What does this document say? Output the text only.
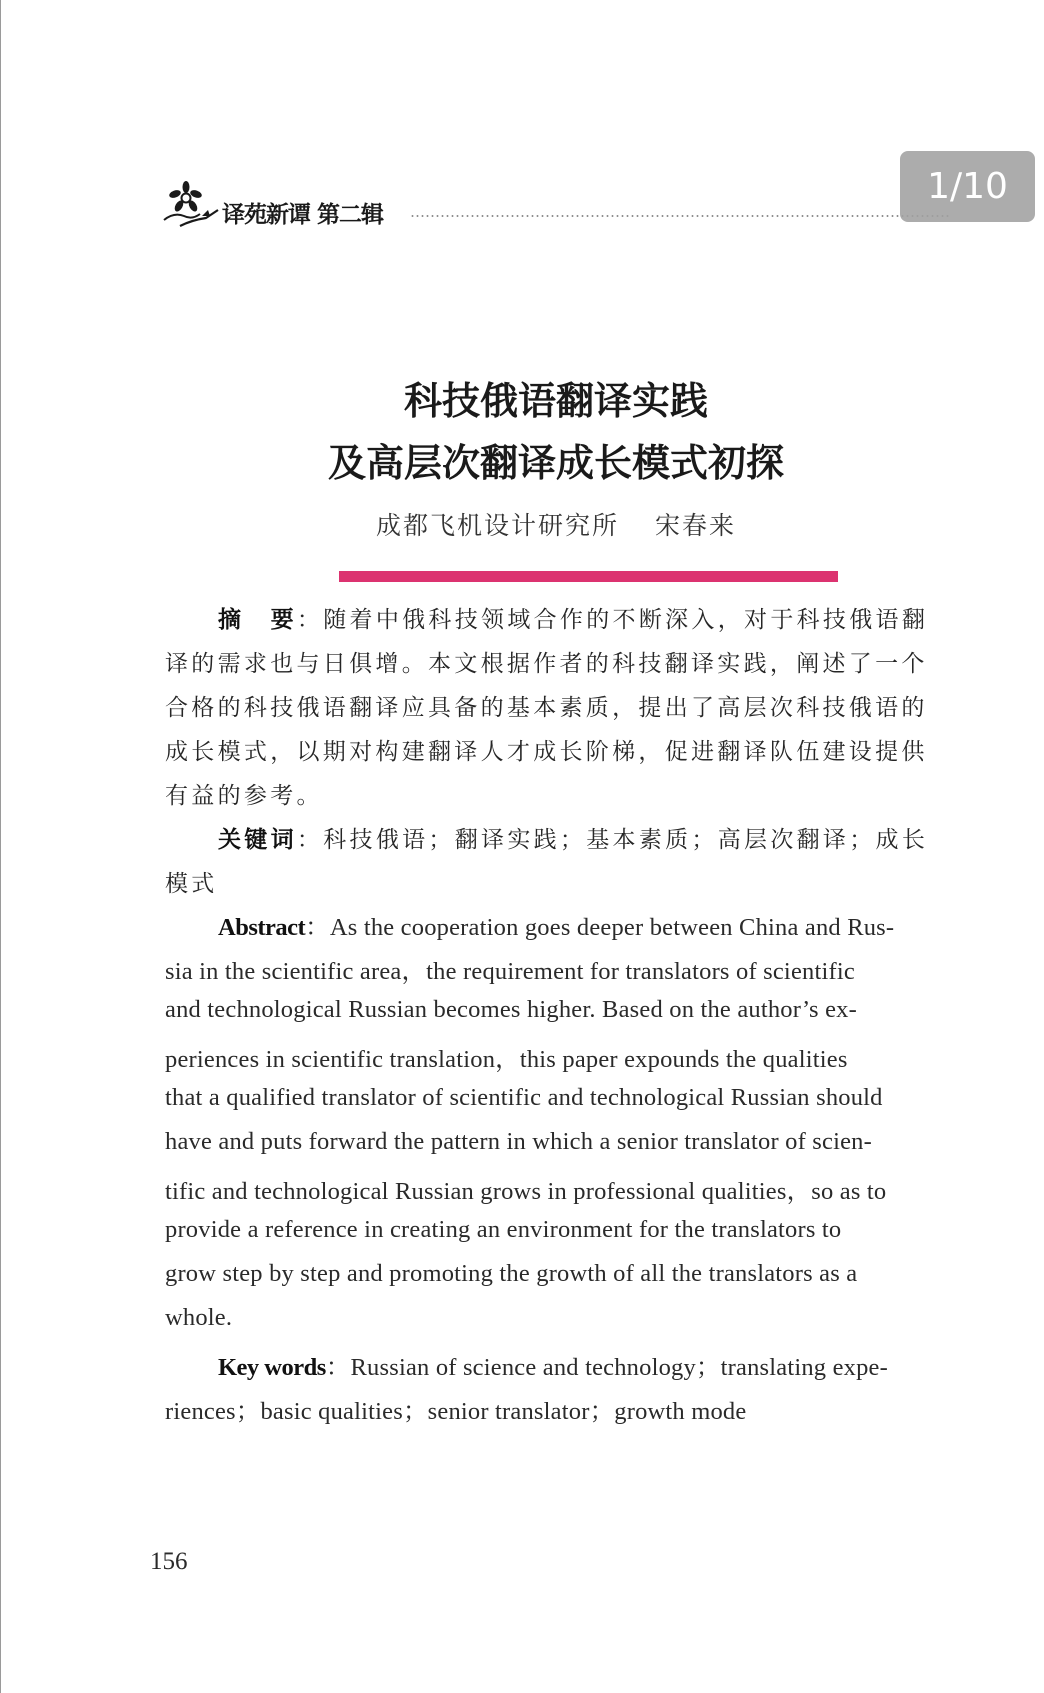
译苑新谭 第二辑
科技俄语翻译实践
及高层次翻译成长模式初探
成都飞机设计研究所 宋春来
摘　要：随着中俄科技领域合作的不断深入，对于科技俄语翻
译的需求也与日俱增。本文根据作者的科技翻译实践，阐述了一个
合格的科技俄语翻译应具备的基本素质，提出了高层次科技俄语的
成长模式，以期对构建翻译人才成长阶梯，促进翻译队伍建设提供
有益的参考。
关键词：科技俄语；翻译实践；基本素质；高层次翻译；成长
模式
Abstract：As the cooperation goes deeper between China and Rus-
sia in the scientific area，the requirement for translators of scientific
and technological Russian becomes higher. Based on the author’s ex-
periences in scientific translation，this paper expounds the qualities
that a qualified translator of scientific and technological Russian should
have and puts forward the pattern in which a senior translator of scien-
tific and technological Russian grows in professional qualities，so as to
provide a reference in creating an environment for the translators to
grow step by step and promoting the growth of all the translators as a
whole.
Key words：Russian of science and technology；translating expe-
riences；basic qualities；senior translator；growth mode
156
1/10
